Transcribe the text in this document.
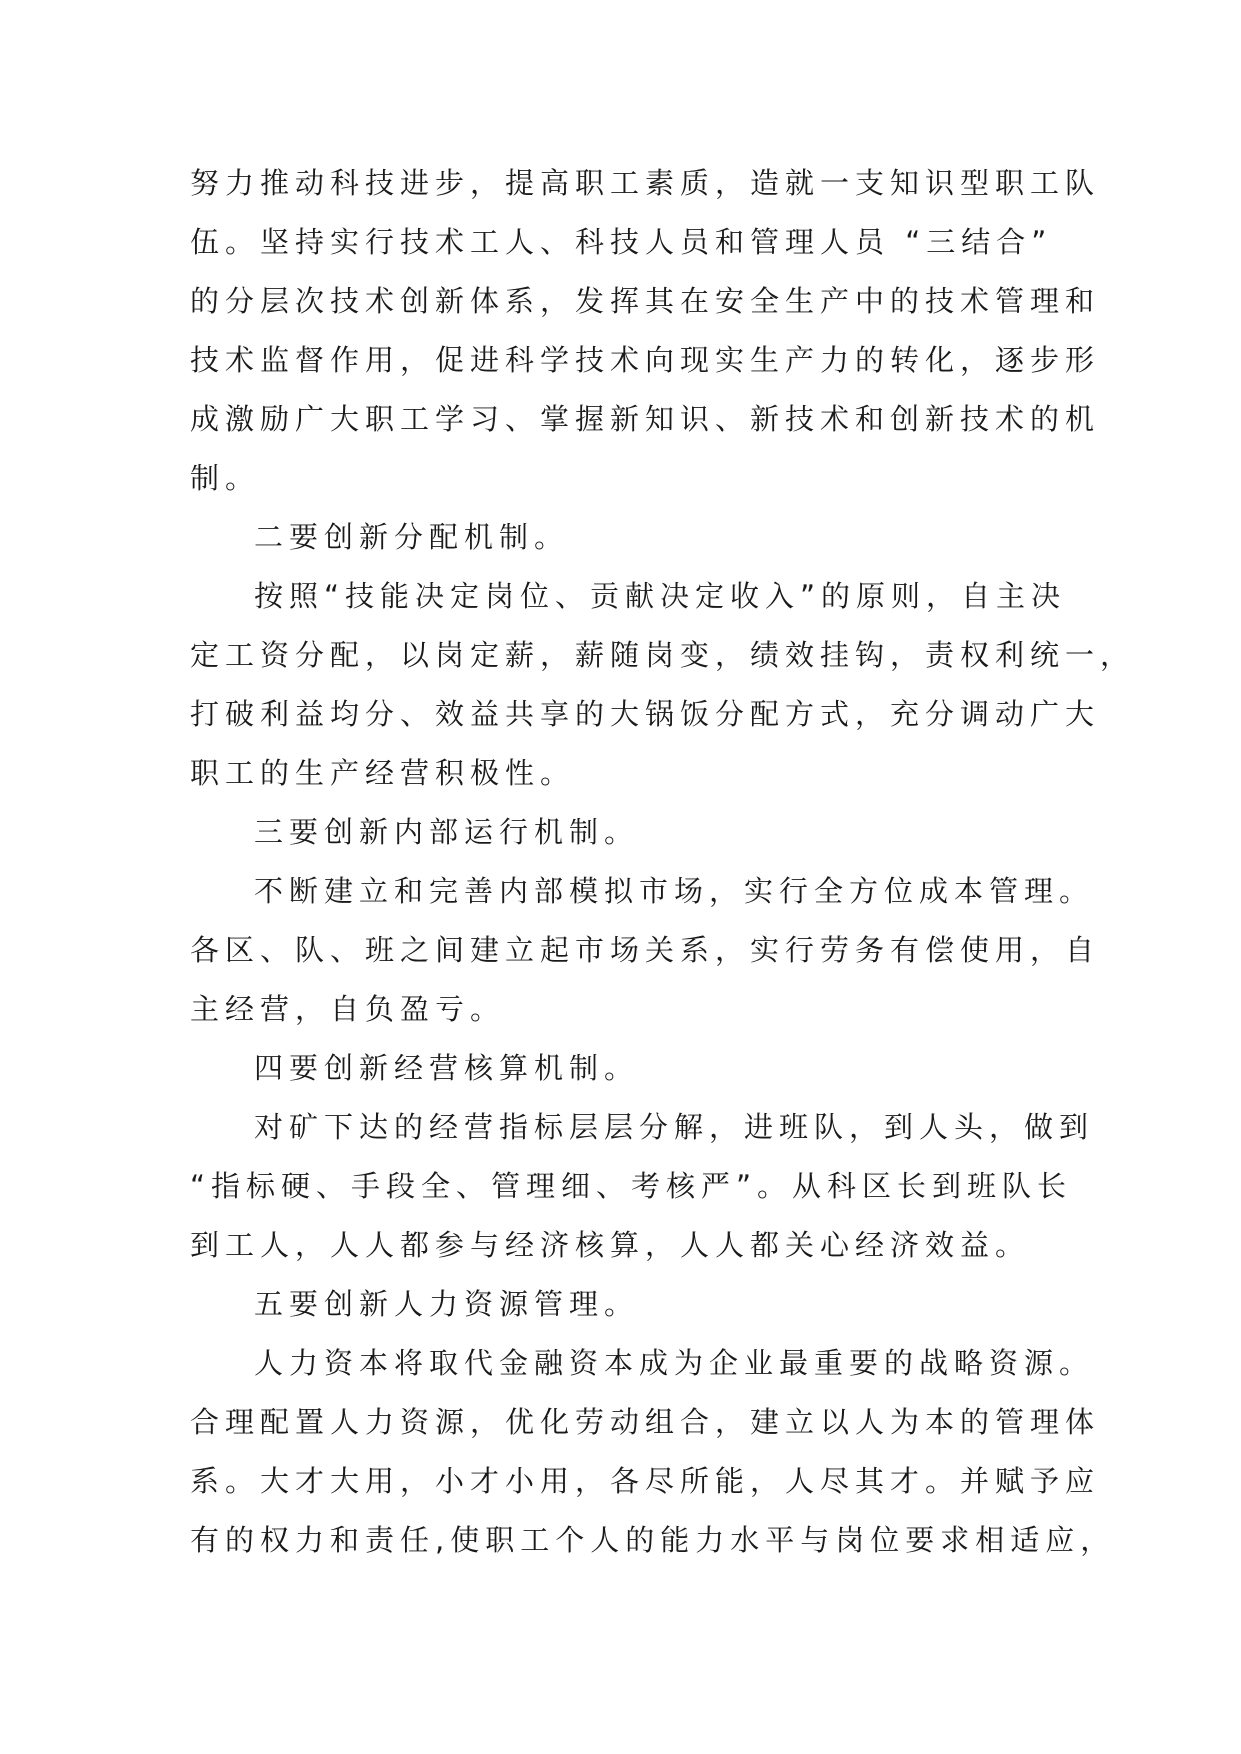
努力推动科技进步，提高职工素质，造就一支知识型职工队

伍。坚持实行技术工人、科技人员和管理人员 “三结合”

的分层次技术创新体系，发挥其在安全生产中的技术管理和

技术监督作用，促进科学技术向现实生产力的转化，逐步形

成激励广大职工学习、掌握新知识、新技术和创新技术的机

制。

二要创新分配机制。

按照“技能决定岗位、贡献决定收入”的原则，自主决

定工资分配，以岗定薪，薪随岗变，绩效挂钩，责权利统一，

打破利益均分、效益共享的大锅饭分配方式，充分调动广大

职工的生产经营积极性。

三要创新内部运行机制。

不断建立和完善内部模拟市场，实行全方位成本管理。

各区、队、班之间建立起市场关系，实行劳务有偿使用，自

主经营，自负盈亏。

四要创新经营核算机制。

对矿下达的经营指标层层分解，进班队，到人头，做到

“指标硬、手段全、管理细、考核严”。从科区长到班队长

到工人，人人都参与经济核算，人人都关心经济效益。

五要创新人力资源管理。

人力资本将取代金融资本成为企业最重要的战略资源。

合理配置人力资源，优化劳动组合，建立以人为本的管理体

系。大才大用，小才小用，各尽所能，人尽其才。并赋予应

有的权力和责任,使职工个人的能力水平与岗位要求相适应，
